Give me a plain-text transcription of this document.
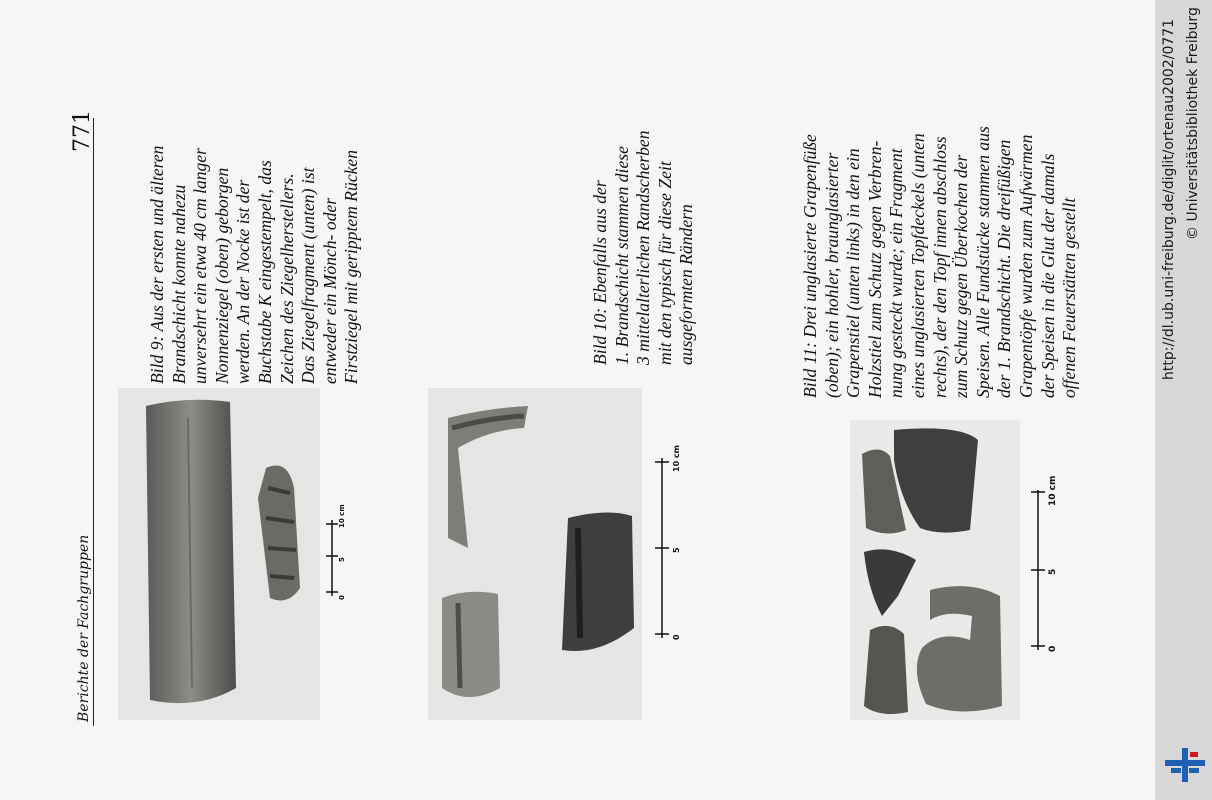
Berichte der Fachgruppen
771
0
5
10 cm
Bild 9: Aus der ersten und älteren Brandschicht konnte nahezu unversehrt ein etwa 40 cm langer Nonnenziegel (oben) geborgen werden. An der Nocke ist der Buchstabe K eingestempelt, das Zeichen des Ziegelherstellers. Das Ziegelfragment (unten) ist entweder ein Mönch- oder Firstziegel mit geripptem Rücken
0
5
10 cm
Bild 10: Ebenfalls aus der 1. Brandschicht stammen diese 3 mittelalterlichen Randscherben mit den typisch für diese Zeit ausgeformten Rändern	Bild 11: Drei unglasierte Grapenfüße (oben); ein hohler, braunglasierter Grapenstiel (unten links) in den ein Holzstiel zum Schutz gegen Verbren- nung gesteckt wurde; ein Fragment eines unglasierten Topfdeckels (unten rechts), der den Topf innen abschloss zum Schutz gegen Überkochen der Speisen. Alle Fundstücke stammen aus der 1. Brandschicht. Die dreifüßigen Grapentöpfe wurden zum Aufwärmen der Speisen in die Glut der damals offenen Feuerstätten gestellt
0
5
10 cm
http://dl.ub.uni-freiburg.de/diglit/ortenau2002/0771 © Universitätsbibliothek Freiburg
